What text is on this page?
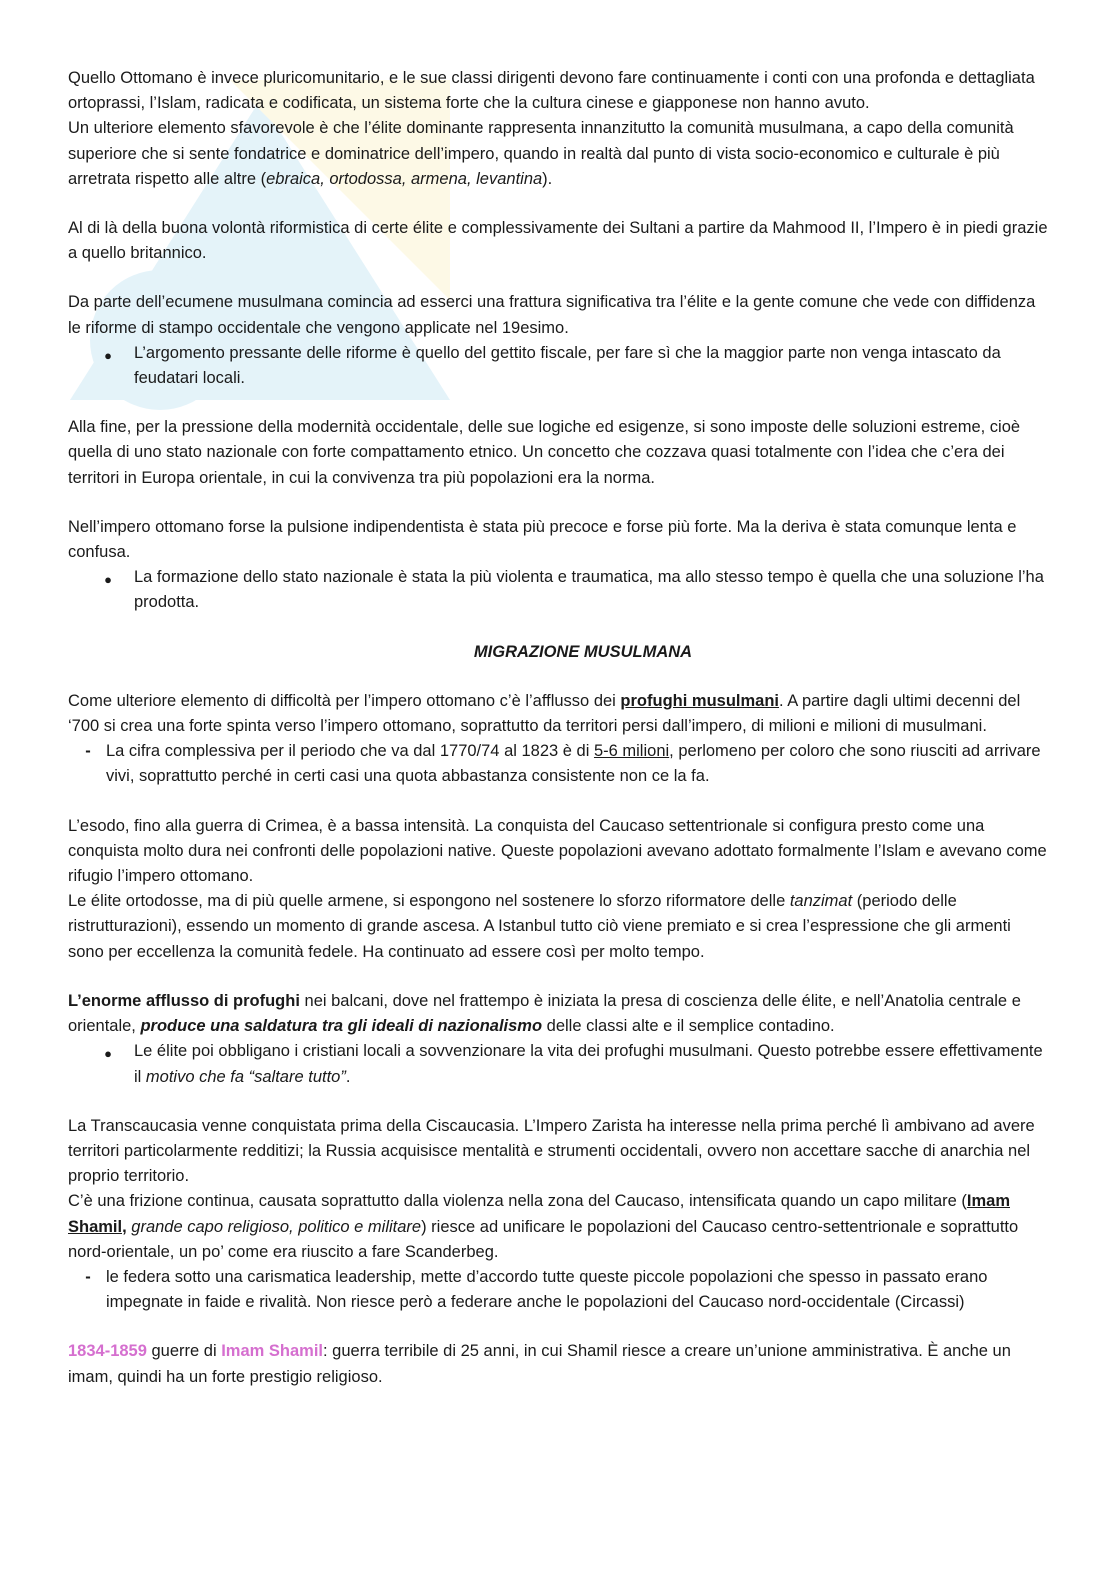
Quello Ottomano è invece pluricomunitario, e le sue classi dirigenti devono fare continuamente i conti con una profonda e dettagliata ortoprassi, l’Islam, radicata e codificata, un sistema forte che la cultura cinese e giapponese non hanno avuto.

Un ulteriore elemento sfavorevole è che l’élite dominante rappresenta innanzitutto la comunità musulmana, a capo della comunità superiore che si sente fondatrice e dominatrice dell’impero, quando in realtà dal punto di vista socio-economico e culturale è più arretrata rispetto alle altre (ebraica, ortodossa, armena, levantina).

Al di là della buona volontà riformistica di certe élite e complessivamente dei Sultani a partire da Mahmood II, l’Impero è in piedi grazie a quello britannico.

Da parte dell’ecumene musulmana comincia ad esserci una frattura significativa tra l’élite e la gente comune che vede con diffidenza le riforme di stampo occidentale che vengono applicate nel 19esimo.

●	L’argomento pressante delle riforme è quello del gettito fiscale, per fare sì che la maggior parte non venga intascato da feudatari locali.

Alla fine, per la pressione della modernità occidentale, delle sue logiche ed esigenze, si sono imposte delle soluzioni estreme, cioè quella di uno stato nazionale con forte compattamento etnico. Un concetto che cozzava quasi totalmente con l’idea che c’era dei territori in Europa orientale, in cui la convivenza tra più popolazioni era la norma.

Nell’impero ottomano forse la pulsione indipendentista è stata più precoce e forse più forte. Ma la deriva è stata comunque lenta e confusa.

●	La formazione dello stato nazionale è stata la più violenta e traumatica, ma allo stesso tempo è quella che una soluzione l’ha prodotta.

MIGRAZIONE MUSULMANA

Come ulteriore elemento di difficoltà per l’impero ottomano c’è l’afflusso dei profughi musulmani. A partire dagli ultimi decenni del ‘700 si crea una forte spinta verso l’impero ottomano, soprattutto da territori persi dall’impero, di milioni e milioni di musulmani.

- La cifra complessiva per il periodo che va dal 1770/74 al 1823 è di 5-6 milioni, perlomeno per coloro che sono riusciti ad arrivare vivi, soprattutto perché in certi casi una quota abbastanza consistente non ce la fa.

L’esodo, fino alla guerra di Crimea, è a bassa intensità. La conquista del Caucaso settentrionale si configura presto come una conquista molto dura nei confronti delle popolazioni native. Queste popolazioni avevano adottato formalmente l’Islam e avevano come rifugio l’impero ottomano.

Le élite ortodosse, ma di più quelle armene, si espongono nel sostenere lo sforzo riformatore delle tanzimat (periodo delle ristrutturazioni), essendo un momento di grande ascesa. A Istanbul tutto ciò viene premiato e si crea l’espressione che gli armenti sono per eccellenza la comunità fedele. Ha continuato ad essere così per molto tempo.

L’enorme afflusso di profughi nei balcani, dove nel frattempo è iniziata la presa di coscienza delle élite, e nell’Anatolia centrale e orientale, produce una saldatura tra gli ideali di nazionalismo delle classi alte e il semplice contadino.

●	Le élite poi obbligano i cristiani locali a sovvenzionare la vita dei profughi musulmani. Questo potrebbe essere effettivamente il motivo che fa “saltare tutto”.

La Transcaucasia venne conquistata prima della Ciscaucasia. L’Impero Zarista ha interesse nella prima perché lì ambivano ad avere territori particolarmente redditizi; la Russia acquisisce mentalità e strumenti occidentali, ovvero non accettare sacche di anarchia nel proprio territorio.

C’è una frizione continua, causata soprattutto dalla violenza nella zona del Caucaso, intensificata quando un capo militare (Imam Shamil, grande capo religioso, politico e militare) riesce ad unificare le popolazioni del Caucaso centro-settentrionale e soprattutto nord-orientale, un po’ come era riuscito a fare Scanderbeg.

- le federa sotto una carismatica leadership, mette d’accordo tutte queste piccole popolazioni che spesso in passato erano impegnate in faide e rivalità. Non riesce però a federare anche le popolazioni del Caucaso nord-occidentale (Circassi)

1834-1859 guerre di Imam Shamil: guerra terribile di 25 anni, in cui Shamil riesce a creare un’unione amministrativa. È anche un imam, quindi ha un forte prestigio religioso.
